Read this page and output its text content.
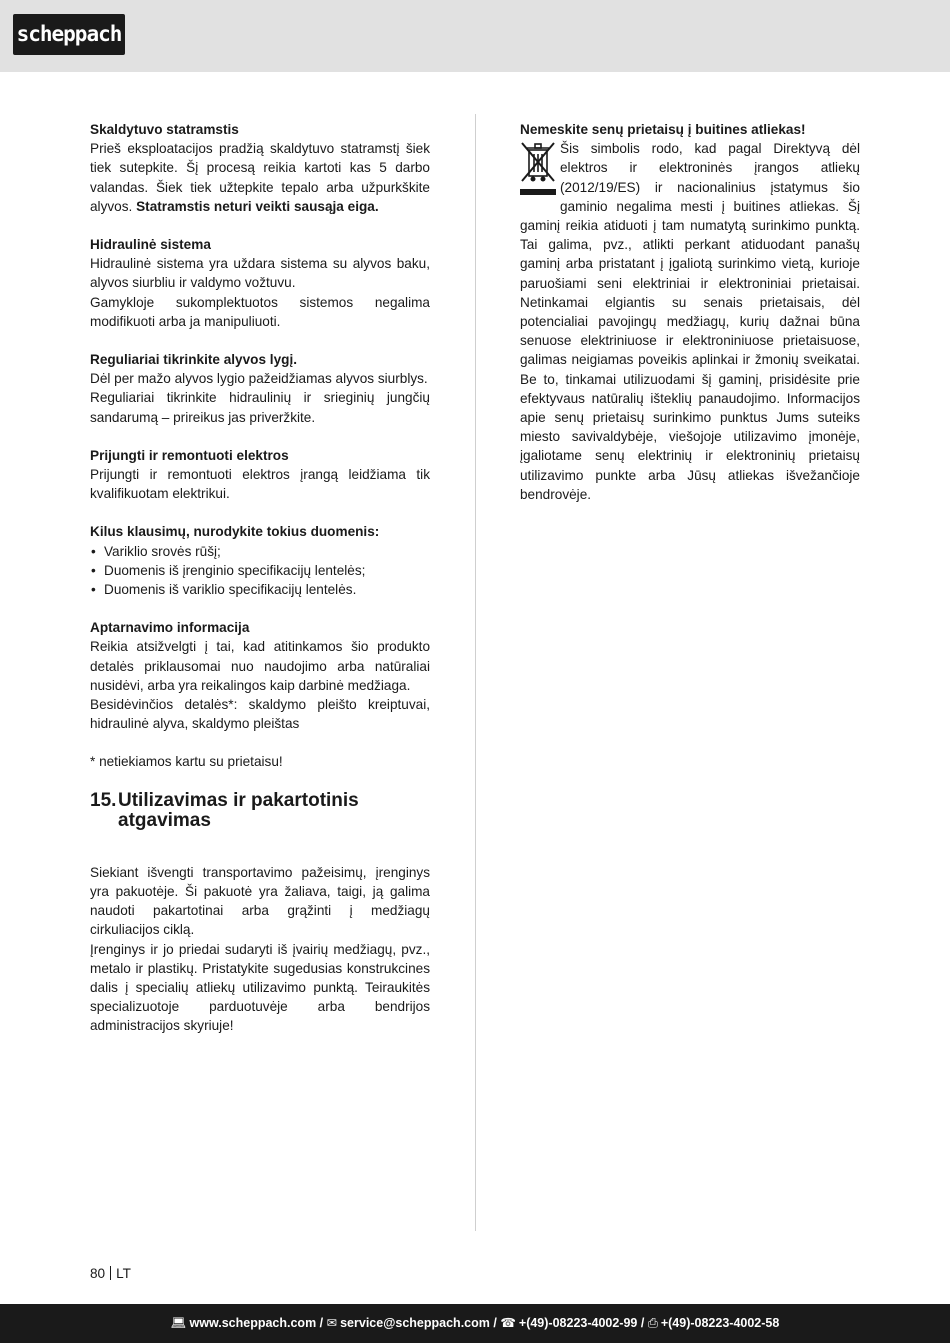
scheppach

Skaldytuvo statramstis

Prieš eksploatacijos pradžią skaldytuvo statramstį šiek tiek sutepkite. Šį procesą reikia kartoti kas 5 darbo valandas. Šiek tiek užtepkite tepalo arba užpurkškite alyvos. Statramstis neturi veikti sausąja eiga.

Hidraulinė sistema

Hidraulinė sistema yra uždara sistema su alyvos baku, alyvos siurbliu ir valdymo vožtuvu.

Gamykloje sukomplektuotos sistemos negalima modifikuoti arba ja manipuliuoti.

Reguliariai tikrinkite alyvos lygį.

Dėl per mažo alyvos lygio pažeidžiamas alyvos siurblys.

Reguliariai tikrinkite hidraulinių ir srieginių jungčių sandarumą – prireikus jas priveržkite.

Prijungti ir remontuoti elektros

Prijungti ir remontuoti elektros įrangą leidžiama tik kvalifikuotam elektrikui.

Kilus klausimų, nurodykite tokius duomenis:

• Variklio srovės rūšį;
• Duomenis iš įrenginio specifikacijų lentelės;
• Duomenis iš variklio specifikacijų lentelės.

Aptarnavimo informacija

Reikia atsižvelgti į tai, kad atitinkamos šio produkto detalės priklausomai nuo naudojimo arba natūraliai nusidėvi, arba yra reikalingos kaip darbinė medžiaga.

Besidėvinčios detalės*: skaldymo pleišto kreiptuvai, hidraulinė alyva, skaldymo pleištas

* netiekiamos kartu su prietaisu!

15. Utilizavimas ir pakartotinis atgavimas

Siekiant išvengti transportavimo pažeisimų, įrenginys yra pakuotėje. Ši pakuotė yra žaliava, taigi, ją galima naudoti pakartotinai arba grąžinti į medžiagų cirkuliacijos ciklą.

Įrenginys ir jo priedai sudaryti iš įvairių medžiagų, pvz., metalo ir plastikų. Pristatykite sugedusias konstrukcines dalis į specialių atliekų utilizavimo punktą. Teiraukitės specializuotoje parduotuvėje arba bendrijos administracijos skyriuje!

Nemeskite senų prietaisų į buitines atliekas!

Šis simbolis rodo, kad pagal Direktyvą dėl elektros ir elektroninės įrangos atliekų (2012/19/ES) ir nacionalinius įstatymus šio gaminio negalima mesti į buitines atliekas. Šį gaminį reikia atiduoti į tam numatytą surinkimo punktą. Tai galima, pvz., atlikti perkant atiduodant panašų gaminį arba pristatant į įgaliotą surinkimo vietą, kurioje paruošiami seni elektriniai ir elektroniniai prietaisai. Netinkamai elgiantis su senais prietaisais, dėl potencialiai pavojingų medžiagų, kurių dažnai būna senuose elektriniuose ir elektroniniuose prietaisuose, galimas neigiamas poveikis aplinkai ir žmonių sveikatai. Be to, tinkamai utilizuodami šį gaminį, prisidėsite prie efektyvaus natūralių išteklių panaudojimo. Informacijos apie senų prietaisų surinkimo punktus Jums suteiks miesto savivaldybėje, viešojoje utilizavimo įmonėje, įgaliotame senų elektrinių ir elektroninių prietaisų utilizavimo punkte arba Jūsų atliekas išvežančioje bendrovėje.

80 LT
💻︎ www.scheppach.com / ✉︎ service@scheppach.com / ☎︎ +(49)-08223-4002-99 / ⎙ +(49)-08223-4002-58
